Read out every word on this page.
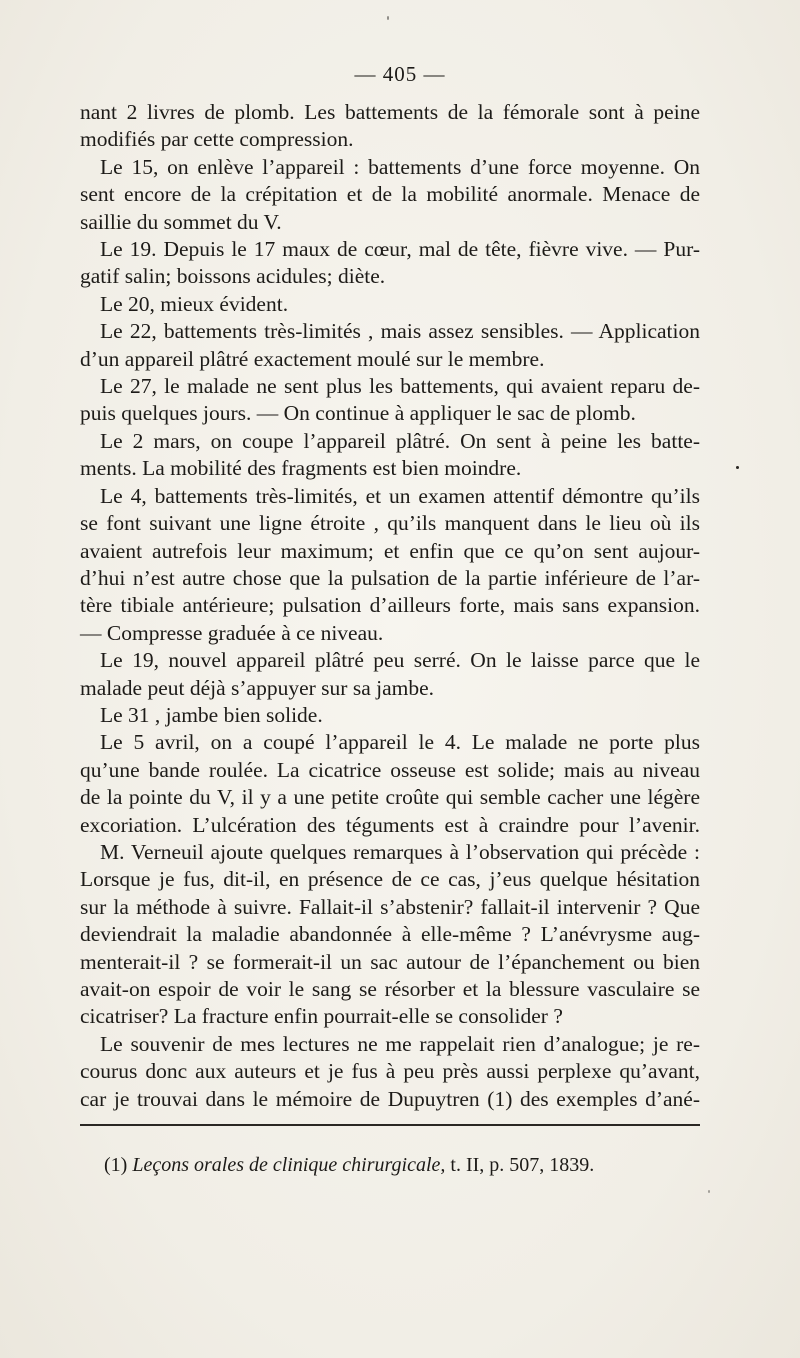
— 405 —
nant 2 livres de plomb. Les battements de la fémorale sont à peine
modifiés par cette compression.
Le 15, on enlève l’appareil : battements d’une force moyenne. On
sent encore de la crépitation et de la mobilité anormale. Menace de
saillie du sommet du V.
Le 19. Depuis le 17 maux de cœur, mal de tête, fièvre vive. — Pur-
gatif salin; boissons acidules; diète.
Le 20, mieux évident.
Le 22, battements très-limités , mais assez sensibles. — Application
d’un appareil plâtré exactement moulé sur le membre.
Le 27, le malade ne sent plus les battements, qui avaient reparu de-
puis quelques jours. — On continue à appliquer le sac de plomb.
Le 2 mars, on coupe l’appareil plâtré. On sent à peine les batte-
ments. La mobilité des fragments est bien moindre.
Le 4, battements très-limités, et un examen attentif démontre qu’ils
se font suivant une ligne étroite , qu’ils manquent dans le lieu où ils
avaient autrefois leur maximum; et enfin que ce qu’on sent aujour-
d’hui n’est autre chose que la pulsation de la partie inférieure de l’ar-
tère tibiale antérieure; pulsation d’ailleurs forte, mais sans expansion.
— Compresse graduée à ce niveau.
Le 19, nouvel appareil plâtré peu serré. On le laisse parce que le
malade peut déjà s’appuyer sur sa jambe.
Le 31 , jambe bien solide.
Le 5 avril, on a coupé l’appareil le 4. Le malade ne porte plus
qu’une bande roulée. La cicatrice osseuse est solide; mais au niveau
de la pointe du V, il y a une petite croûte qui semble cacher une légère
excoriation. L’ulcération des téguments est à craindre pour l’avenir.
M. Verneuil ajoute quelques remarques à l’observation qui précède :
Lorsque je fus, dit-il, en présence de ce cas, j’eus quelque hésitation
sur la méthode à suivre. Fallait-il s’abstenir? fallait-il intervenir ? Que
deviendrait la maladie abandonnée à elle-même ? L’anévrysme aug-
menterait-il ? se formerait-il un sac autour de l’épanchement ou bien
avait-on espoir de voir le sang se résorber et la blessure vasculaire se
cicatriser? La fracture enfin pourrait-elle se consolider ?
Le souvenir de mes lectures ne me rappelait rien d’analogue; je re-
courus donc aux auteurs et je fus à peu près aussi perplexe qu’avant,
car je trouvai dans le mémoire de Dupuytren (1) des exemples d’ané-
(1) Leçons orales de clinique chirurgicale, t. II, p. 507, 1839.
